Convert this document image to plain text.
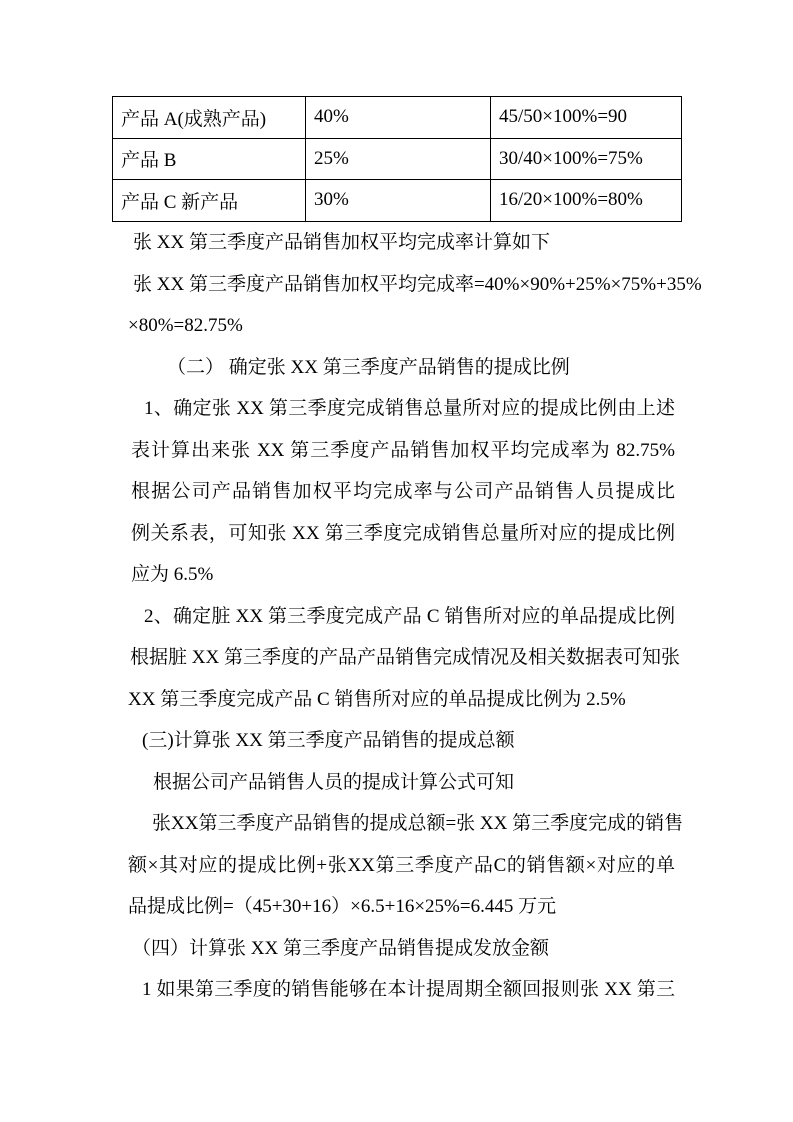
产品 A(成熟产品)	40%	45/50×100%=90
产品 B	25%	30/40×100%=75%
产品 C 新产品	30%	16/20×100%=80%
张 XX 第三季度产品销售加权平均完成率计算如下
张 XX 第三季度产品销售加权平均完成率=40%×90%+25%×75%+35%
×80%=82.75%
（二） 确定张 XX 第三季度产品销售的提成比例
1、确定张 XX 第三季度完成销售总量所对应的提成比例由上述
表计算出来张 XX 第三季度产品销售加权平均完成率为 82.75%
根据公司产品销售加权平均完成率与公司产品销售人员提成比
例关系表，可知张 XX 第三季度完成销售总量所对应的提成比例
应为 6.5%
2、确定脏 XX 第三季度完成产品 C 销售所对应的单品提成比例
根据脏 XX 第三季度的产品产品销售完成情况及相关数据表可知张
XX 第三季度完成产品 C 销售所对应的单品提成比例为 2.5%
(三)计算张 XX 第三季度产品销售的提成总额
根据公司产品销售人员的提成计算公式可知
张XX第三季度产品销售的提成总额=张 XX 第三季度完成的销售
额×其对应的提成比例+张XX第三季度产品C的销售额×对应的单
品提成比例=（45+30+16）×6.5+16×25%=6.445 万元
（四）计算张 XX 第三季度产品销售提成发放金额
1 如果第三季度的销售能够在本计提周期全额回报则张 XX 第三
